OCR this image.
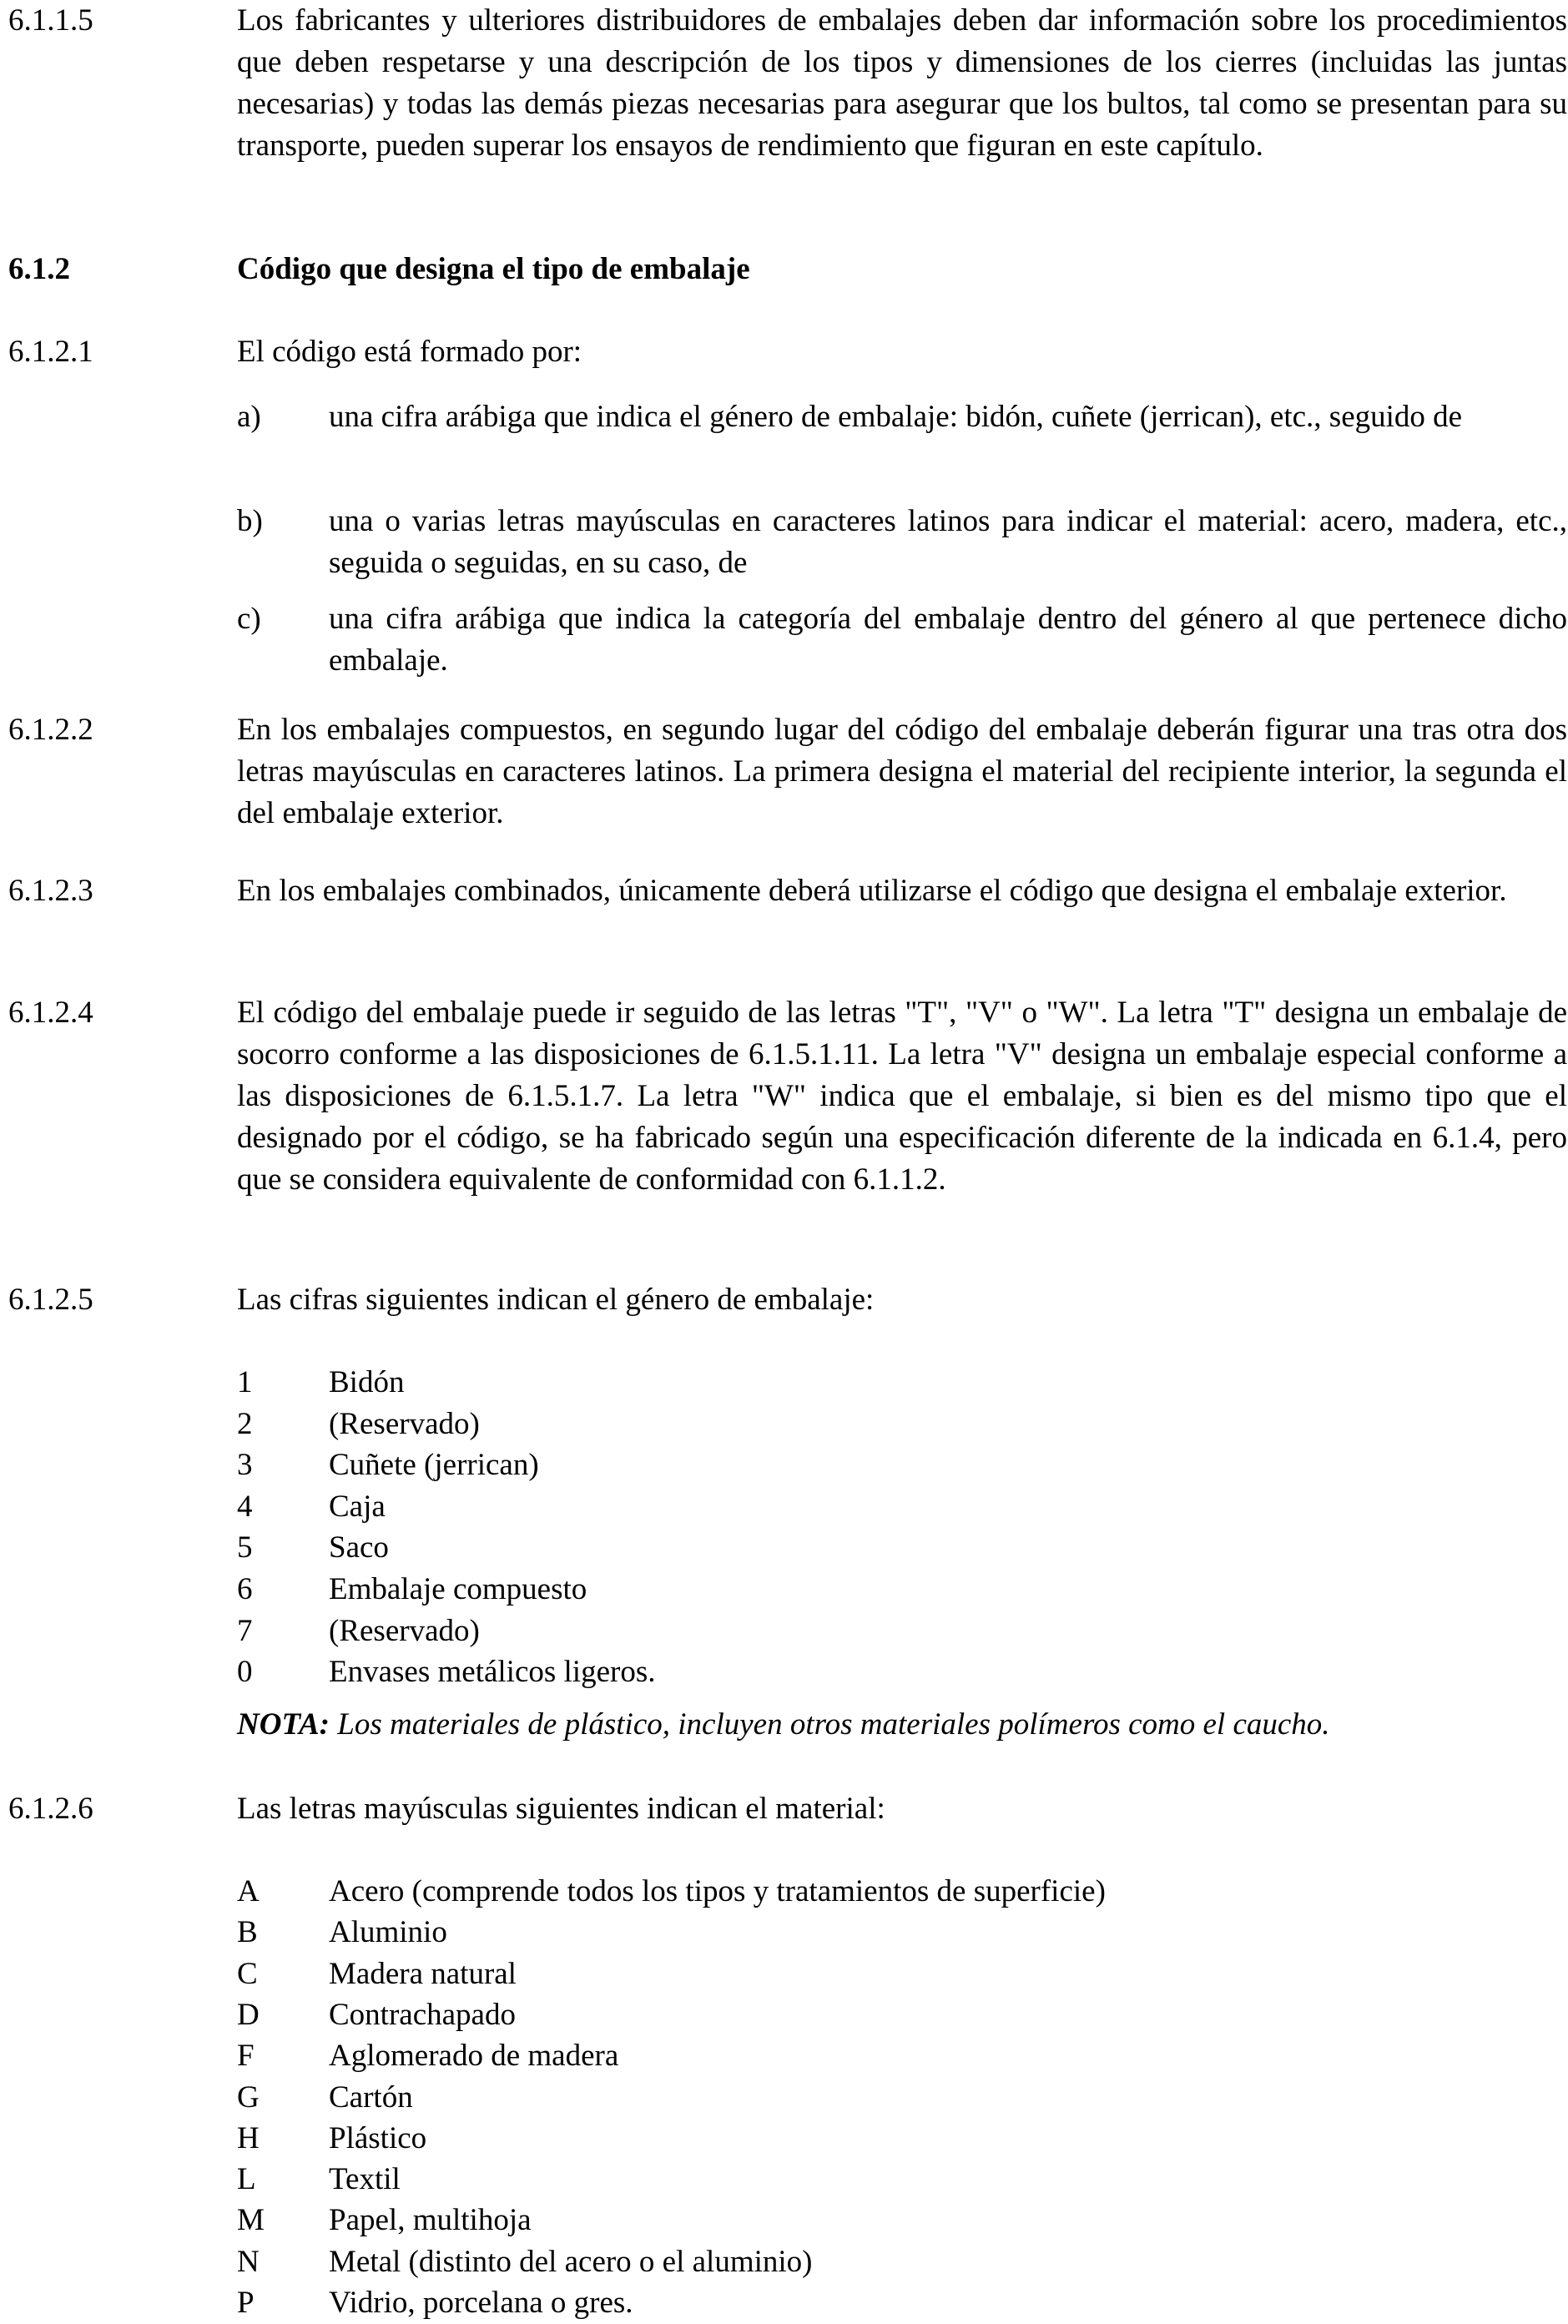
6.1.1.5	Los fabricantes y ulteriores distribuidores de embalajes deben dar información sobre los procedimientos que deben respetarse y una descripción de los tipos y dimensiones de los cierres (incluidas las juntas necesarias) y todas las demás piezas necesarias para asegurar que los bultos, tal como se presentan para su transporte, pueden superar los ensayos de rendimiento que figuran en este capítulo.
6.1.2	Código que designa el tipo de embalaje
6.1.2.1	El código está formado por:
a)	una cifra arábiga que indica el género de embalaje: bidón, cuñete (jerrican), etc., seguido de
b)	una o varias letras mayúsculas en caracteres latinos para indicar el material: acero, madera, etc., seguida o seguidas, en su caso, de
c)	una cifra arábiga que indica la categoría del embalaje dentro del género al que pertenece dicho embalaje.
6.1.2.2	En los embalajes compuestos, en segundo lugar del código del embalaje deberán figurar una tras otra dos letras mayúsculas en caracteres latinos. La primera designa el material del recipiente interior, la segunda el del embalaje exterior.
6.1.2.3	En los embalajes combinados, únicamente deberá utilizarse el código que designa el embalaje exterior.
6.1.2.4	El código del embalaje puede ir seguido de las letras "T", "V" o "W". La letra "T" designa un embalaje de socorro conforme a las disposiciones de 6.1.5.1.11. La letra "V" designa un embalaje especial conforme a las disposiciones de 6.1.5.1.7. La letra "W" indica que el embalaje, si bien es del mismo tipo que el designado por el código, se ha fabricado según una especificación diferente de la indicada en 6.1.4, pero que se considera equivalente de conformidad con 6.1.1.2.
6.1.2.5	Las cifras siguientes indican el género de embalaje:
1 Bidón
2 (Reservado)
3 Cuñete (jerrican)
4 Caja
5 Saco
6 Embalaje compuesto
7 (Reservado)
0 Envases metálicos ligeros.
NOTA: Los materiales de plástico, incluyen otros materiales polímeros como el caucho.
6.1.2.6	Las letras mayúsculas siguientes indican el material:
A Acero (comprende todos los tipos y tratamientos de superficie)
B Aluminio
C Madera natural
D Contrachapado
F Aglomerado de madera
G Cartón
H Plástico
L Textil
M Papel, multihoja
N Metal (distinto del acero o el aluminio)
P Vidrio, porcelana o gres.
